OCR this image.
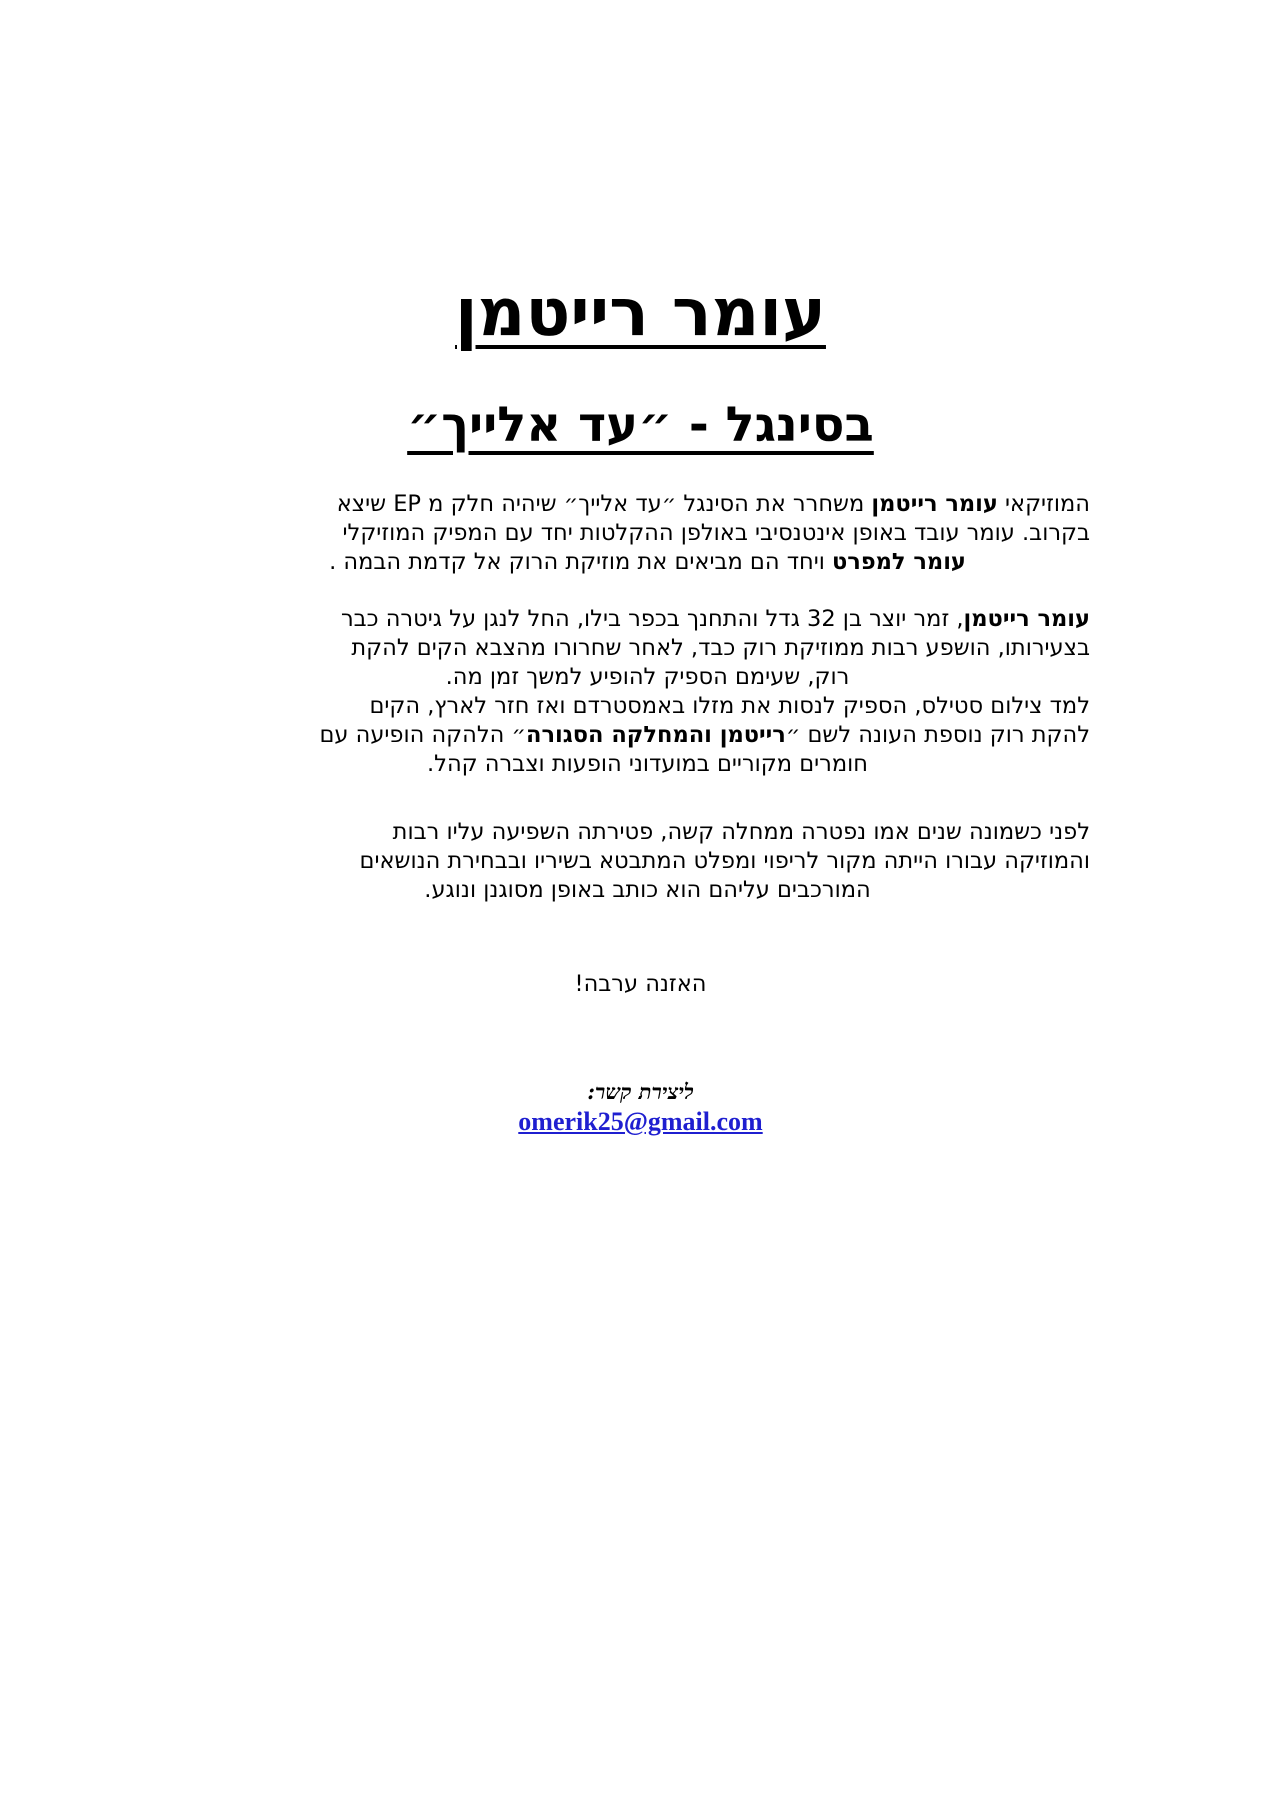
עומר רייטמן
בסינגל - ״עד אלייך״

המוזיקאי עומר רייטמן משחרר את הסינגל ״עד אלייך״ שיהיה חלק מ EP שיצא
בקרוב. עומר עובד באופן אינטנסיבי באולפן ההקלטות יחד עם המפיק המוזיקלי
עומר למפרט ויחד הם מביאים את מוזיקת הרוק אל קדמת הבמה .

עומר רייטמן, זמר יוצר בן 32 גדל והתחנך בכפר בילו, החל לנגן על גיטרה כבר
בצעירותו, הושפע רבות ממוזיקת רוק כבד, לאחר שחרורו מהצבא הקים להקת
רוק, שעימם הספיק להופיע למשך זמן מה.
למד צילום סטילס, הספיק לנסות את מזלו באמסטרדם ואז חזר לארץ, הקים
להקת רוק נוספת העונה לשם ״רייטמן והמחלקה הסגורה״ הלהקה הופיעה עם
חומרים מקוריים במועדוני הופעות וצברה קהל.

לפני כשמונה שנים אמו נפטרה ממחלה קשה, פטירתה השפיעה עליו רבות
והמוזיקה עבורו הייתה מקור לריפוי ומפלט המתבטא בשיריו ובבחירת הנושאים
המורכבים עליהם הוא כותב באופן מסוגנן ונוגע.

האזנה ערבה!

ליצירת קשר:

omerik25@gmail.com
